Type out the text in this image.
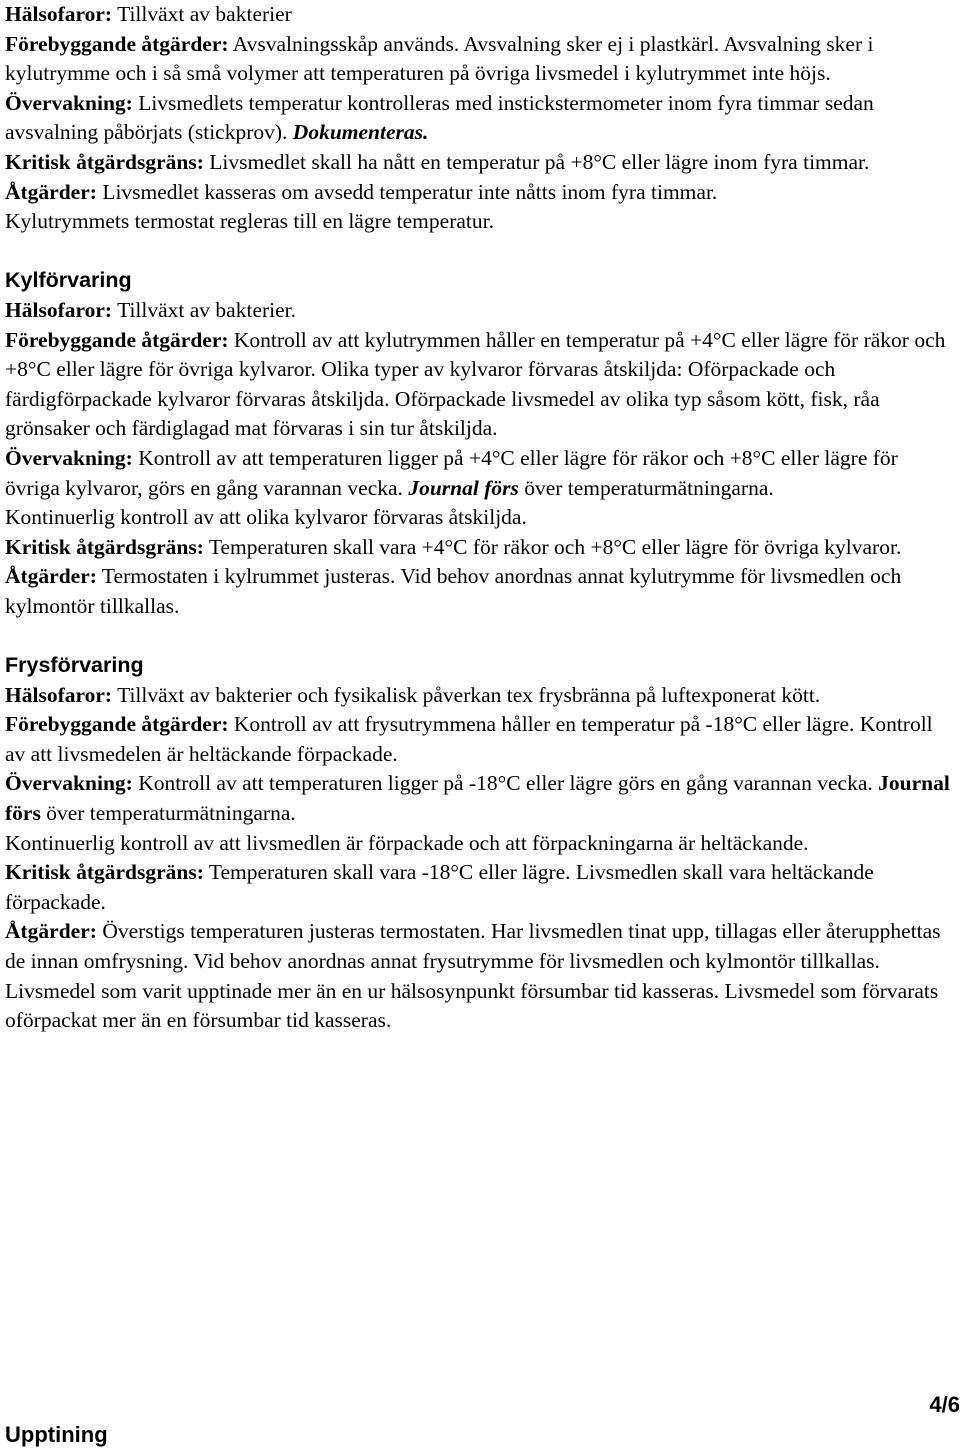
Hälsofaror: Tillväxt av bakterier

Förebyggande åtgärder: Avsvalningsskåp används. Avsvalning sker ej i plastkärl. Avsvalning sker i kylutrymme och i så små volymer att temperaturen på övriga livsmedel i kylutrymmet inte höjs.

Övervakning: Livsmedlets temperatur kontrolleras med instickstermometer inom fyra timmar sedan avsvalning påbörjats (stickprov). Dokumenteras.

Kritisk åtgärdsgräns: Livsmedlet skall ha nått en temperatur på +8°C eller lägre inom fyra timmar.

Åtgärder: Livsmedlet kasseras om avsedd temperatur inte nåtts inom fyra timmar.

Kylutrymmets termostat regleras till en lägre temperatur.

Kylförvaring

Hälsofaror: Tillväxt av bakterier.

Förebyggande åtgärder: Kontroll av att kylutrymmen håller en temperatur på +4°C eller lägre för räkor och +8°C eller lägre för övriga kylvaror. Olika typer av kylvaror förvaras åtskiljda: Oförpackade och färdigförpackade kylvaror förvaras åtskiljda. Oförpackade livsmedel av olika typ såsom kött, fisk, råa grönsaker och färdiglagad mat förvaras i sin tur åtskiljda.

Övervakning: Kontroll av att temperaturen ligger på +4°C eller lägre för räkor och +8°C eller lägre för övriga kylvaror, görs en gång varannan vecka. Journal förs över temperaturmätningarna.

Kontinuerlig kontroll av att olika kylvaror förvaras åtskiljda.

Kritisk åtgärdsgräns: Temperaturen skall vara +4°C för räkor och +8°C eller lägre för övriga kylvaror.

Åtgärder: Termostaten i kylrummet justeras. Vid behov anordnas annat kylutrymme för livsmedlen och kylmontör tillkallas.

Frysförvaring

Hälsofaror: Tillväxt av bakterier och fysikalisk påverkan tex frysbränna på luftexponerat kött.

Förebyggande åtgärder: Kontroll av att frysutrymmena håller en temperatur på -18°C eller lägre. Kontroll av att livsmedelen är heltäckande förpackade.

Övervakning: Kontroll av att temperaturen ligger på -18°C eller lägre görs en gång varannan vecka. Journal förs över temperaturmätningarna.

Kontinuerlig kontroll av att livsmedlen är förpackade och att förpackningarna är heltäckande.

Kritisk åtgärdsgräns: Temperaturen skall vara -18°C eller lägre. Livsmedlen skall vara heltäckande förpackade.

Åtgärder: Överstigs temperaturen justeras termostaten. Har livsmedlen tinat upp, tillagas eller återupphettas de innan omfrysning. Vid behov anordnas annat frysutrymme för livsmedlen och kylmontör tillkallas. Livsmedel som varit upptinade mer än en ur hälsosynpunkt försumbar tid kasseras. Livsmedel som förvarats oförpackat mer än en försumbar tid kasseras.

Upptining
4/6
